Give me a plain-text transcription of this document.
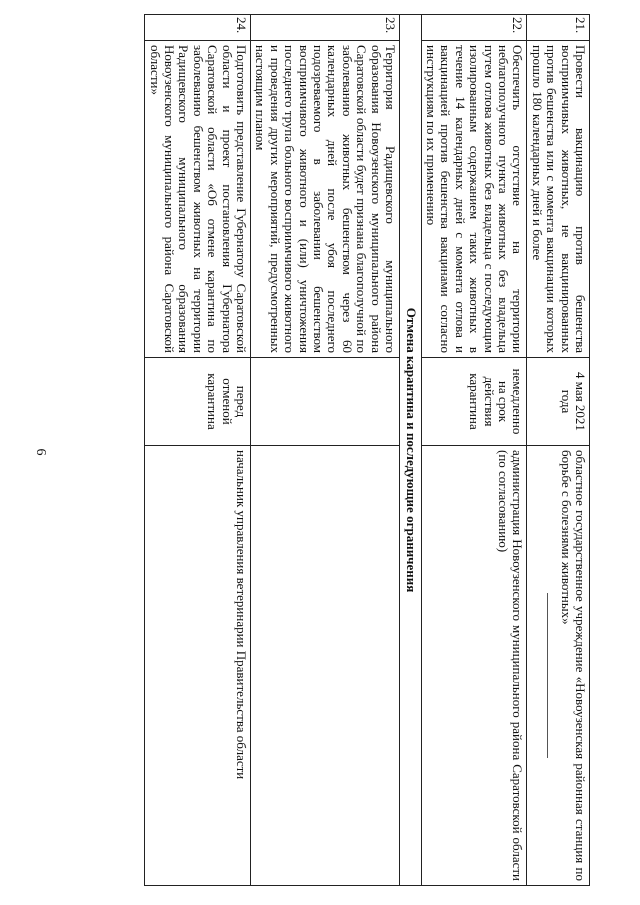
6
21.	Провести вакцинацию против бешенства восприимчивых животных, не вакцинированных против бешенства или с момента вакцинации которых прошло 180 календарных дней и более	4 мая 2021 года	областное государственное учреждение «Новоузенская районная станция по борьбе с болезнями животных»
22.	Обеспечить отсутствие на территории неблагополучного пункта животных без владельца путем отлова животных без владельца с последующим изолированным содержанием таких животных в течение 14 календарных дней с момента отлова и вакцинацией против бешенства вакцинами согласно инструкциям по их применению	немедленно на срок действия карантина	администрация Новоузенского муниципального района Саратовской области (по согласованию)
Отмена карантина и последующие ограничения			
23.	Территория Радищевского муниципального образования Новоузенского муниципального района Саратовской области будет признана благополучной по заболеванию животных бешенством через 60 календарных дней после убоя последнего подозреваемого в заболевании бешенством восприимчивого животного и (или) уничтожения последнего трупа больного восприимчивого животного и проведения других мероприятий, предусмотренных настоящим планом		
24.	Подготовить представление Губернатору Саратовской области и проект постановления Губернатора Саратовской области «Об отмене карантина по заболеванию бешенством животных на территории Радищевского муниципального образования Новоузенского муниципального района Саратовской области»	перед отменой карантина	начальник управления ветеринарии Правительства области
